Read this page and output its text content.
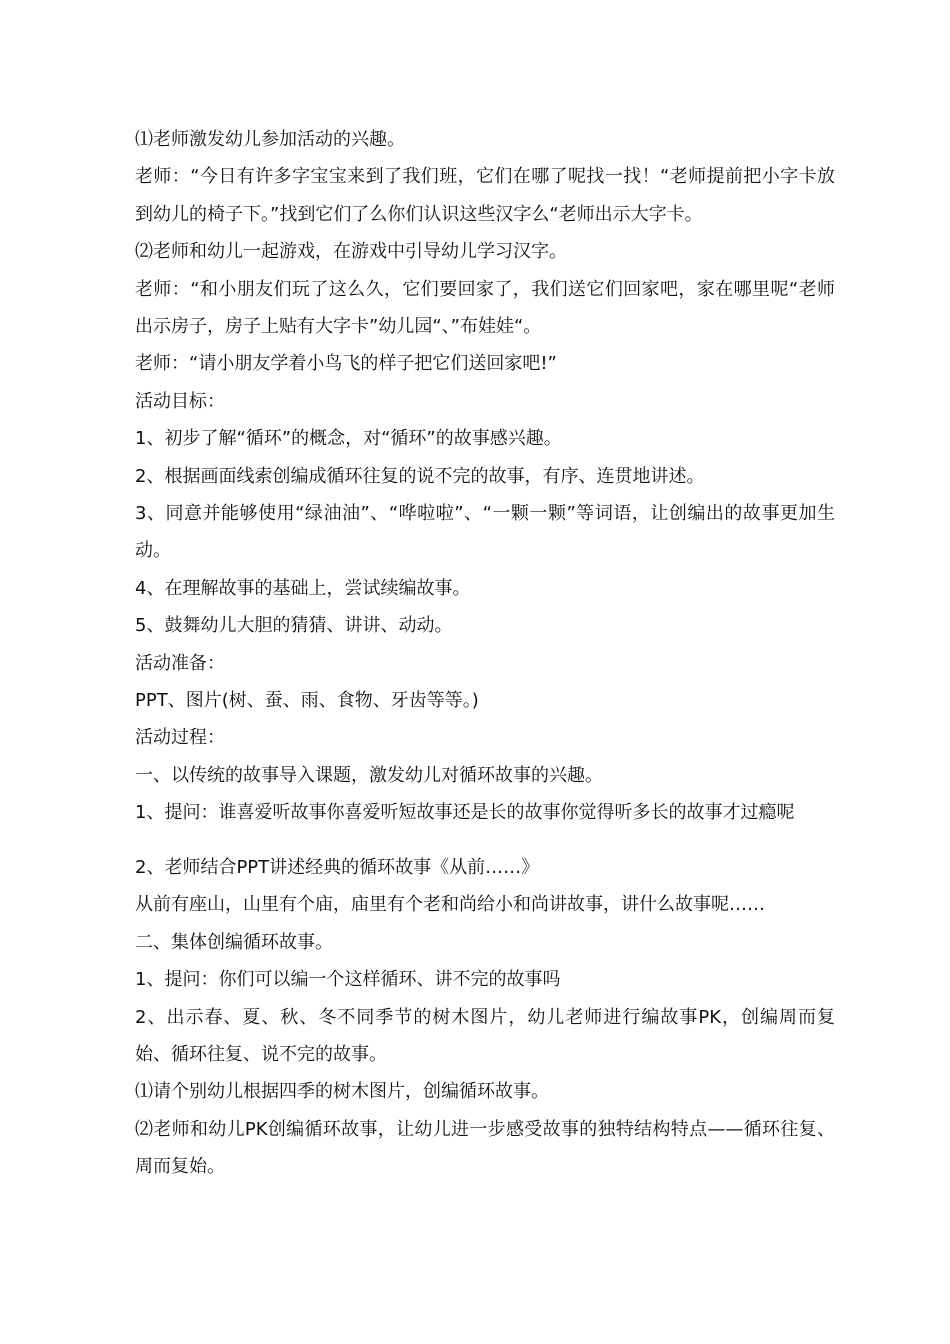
⑴老师激发幼儿参加活动的兴趣。

老师：“今日有许多字宝宝来到了我们班，它们在哪了呢找一找！“老师提前把小字卡放到幼儿的椅子下。”找到它们了么你们认识这些汉字么“老师出示大字卡。

⑵老师和幼儿一起游戏，在游戏中引导幼儿学习汉字。

老师：“和小朋友们玩了这么久，它们要回家了，我们送它们回家吧，家在哪里呢“老师出示房子，房子上贴有大字卡”幼儿园“、”布娃娃“。

老师：“请小朋友学着小鸟飞的样子把它们送回家吧!”

活动目标：

1、初步了解“循环”的概念，对“循环”的故事感兴趣。

2、根据画面线索创编成循环往复的说不完的故事，有序、连贯地讲述。

3、同意并能够使用“绿油油”、“哗啦啦”、“一颗一颗”等词语，让创编出的故事更加生动。

4、在理解故事的基础上，尝试续编故事。

5、鼓舞幼儿大胆的猜猜、讲讲、动动。

活动准备：

PPT、图片(树、蚕、雨、食物、牙齿等等。)

活动过程：

一、以传统的故事导入课题，激发幼儿对循环故事的兴趣。

1、提问：谁喜爱听故事你喜爱听短故事还是长的故事你觉得听多长的故事才过瘾呢

2、老师结合PPT讲述经典的循环故事《从前……》

从前有座山，山里有个庙，庙里有个老和尚给小和尚讲故事，讲什么故事呢……

二、集体创编循环故事。

1、提问：你们可以编一个这样循环、讲不完的故事吗

2、出示春、夏、秋、冬不同季节的树木图片，幼儿老师进行编故事PK，创编周而复始、循环往复、说不完的故事。

⑴请个别幼儿根据四季的树木图片，创编循环故事。

⑵老师和幼儿PK创编循环故事，让幼儿进一步感受故事的独特结构特点——循环往复、周而复始。
